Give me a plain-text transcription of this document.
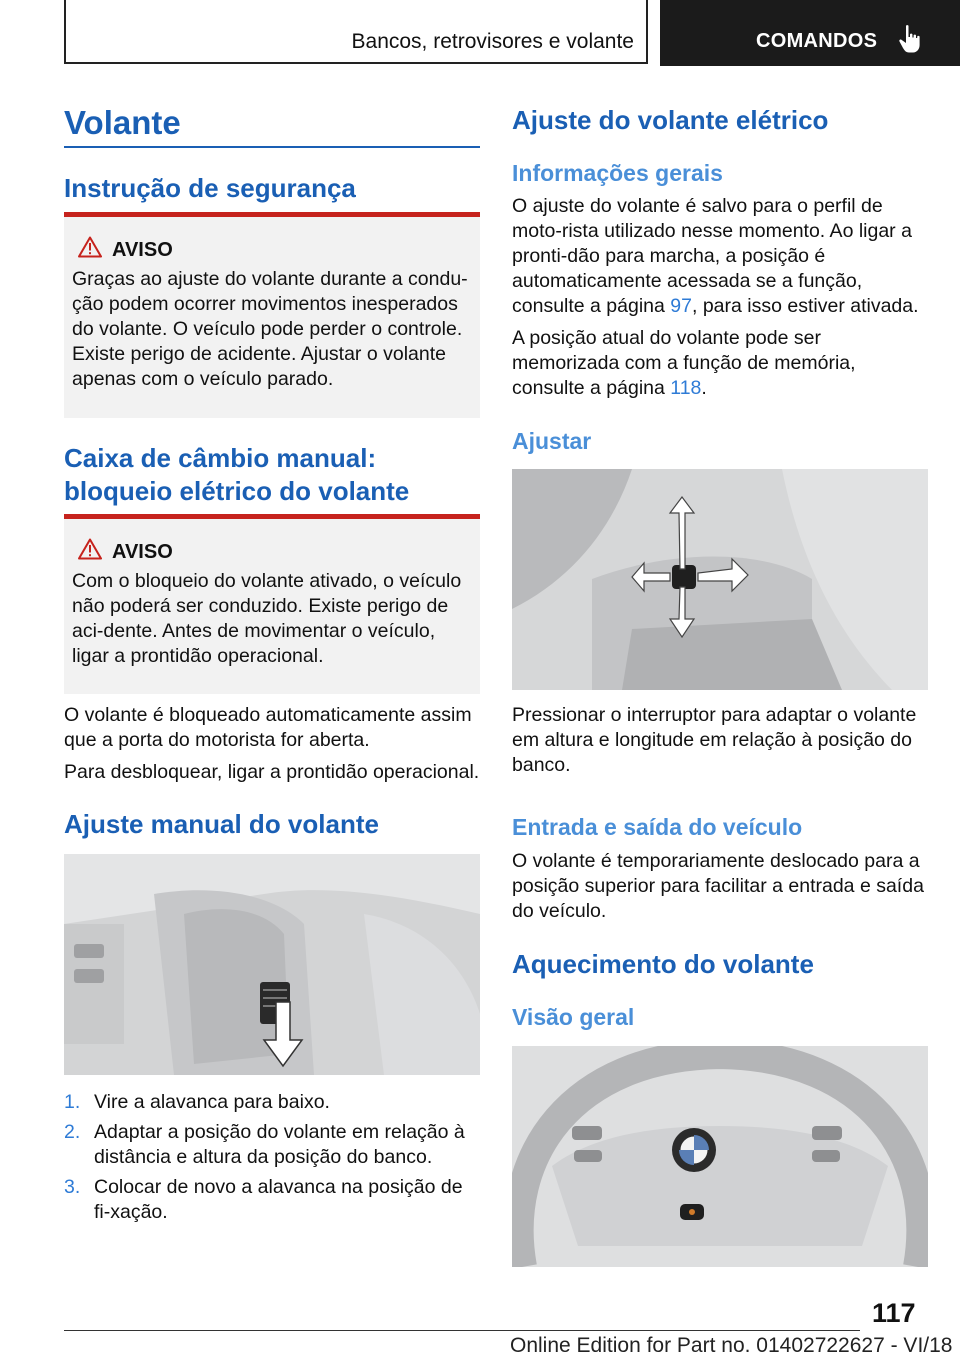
Bancos, retrovisores e volante	COMANDOS
Volante
Instrução de segurança
AVISO
Graças ao ajuste do volante durante a condu-ção podem ocorrer movimentos inesperados do volante. O veículo pode perder o controle. Existe perigo de acidente. Ajustar o volante apenas com o veículo parado.
Caixa de câmbio manual: bloqueio elétrico do volante
AVISO
Com o bloqueio do volante ativado, o veículo não poderá ser conduzido. Existe perigo de aci-dente. Antes de movimentar o veículo, ligar a prontidão operacional.
O volante é bloqueado automaticamente assim que a porta do motorista for aberta.
Para desbloquear, ligar a prontidão operacional.
Ajuste manual do volante
1. Vire a alavanca para baixo.
2. Adaptar a posição do volante em relação à distância e altura da posição do banco.
3. Colocar de novo a alavanca na posição de fi-xação.
Ajuste do volante elétrico
Informações gerais
O ajuste do volante é salvo para o perfil de moto-rista utilizado nesse momento. Ao ligar a pronti-dão para marcha, a posição é automaticamente acessada se a função, consulte a página 97, para isso estiver ativada.
A posição atual do volante pode ser memorizada com a função de memória, consulte a página 118.
Ajustar
Pressionar o interruptor para adaptar o volante em altura e longitude em relação à posição do banco.
Entrada e saída do veículo
O volante é temporariamente deslocado para a posição superior para facilitar a entrada e saída do veículo.
Aquecimento do volante
Visão geral
117
Online Edition for Part no. 01402722627 - VI/18
